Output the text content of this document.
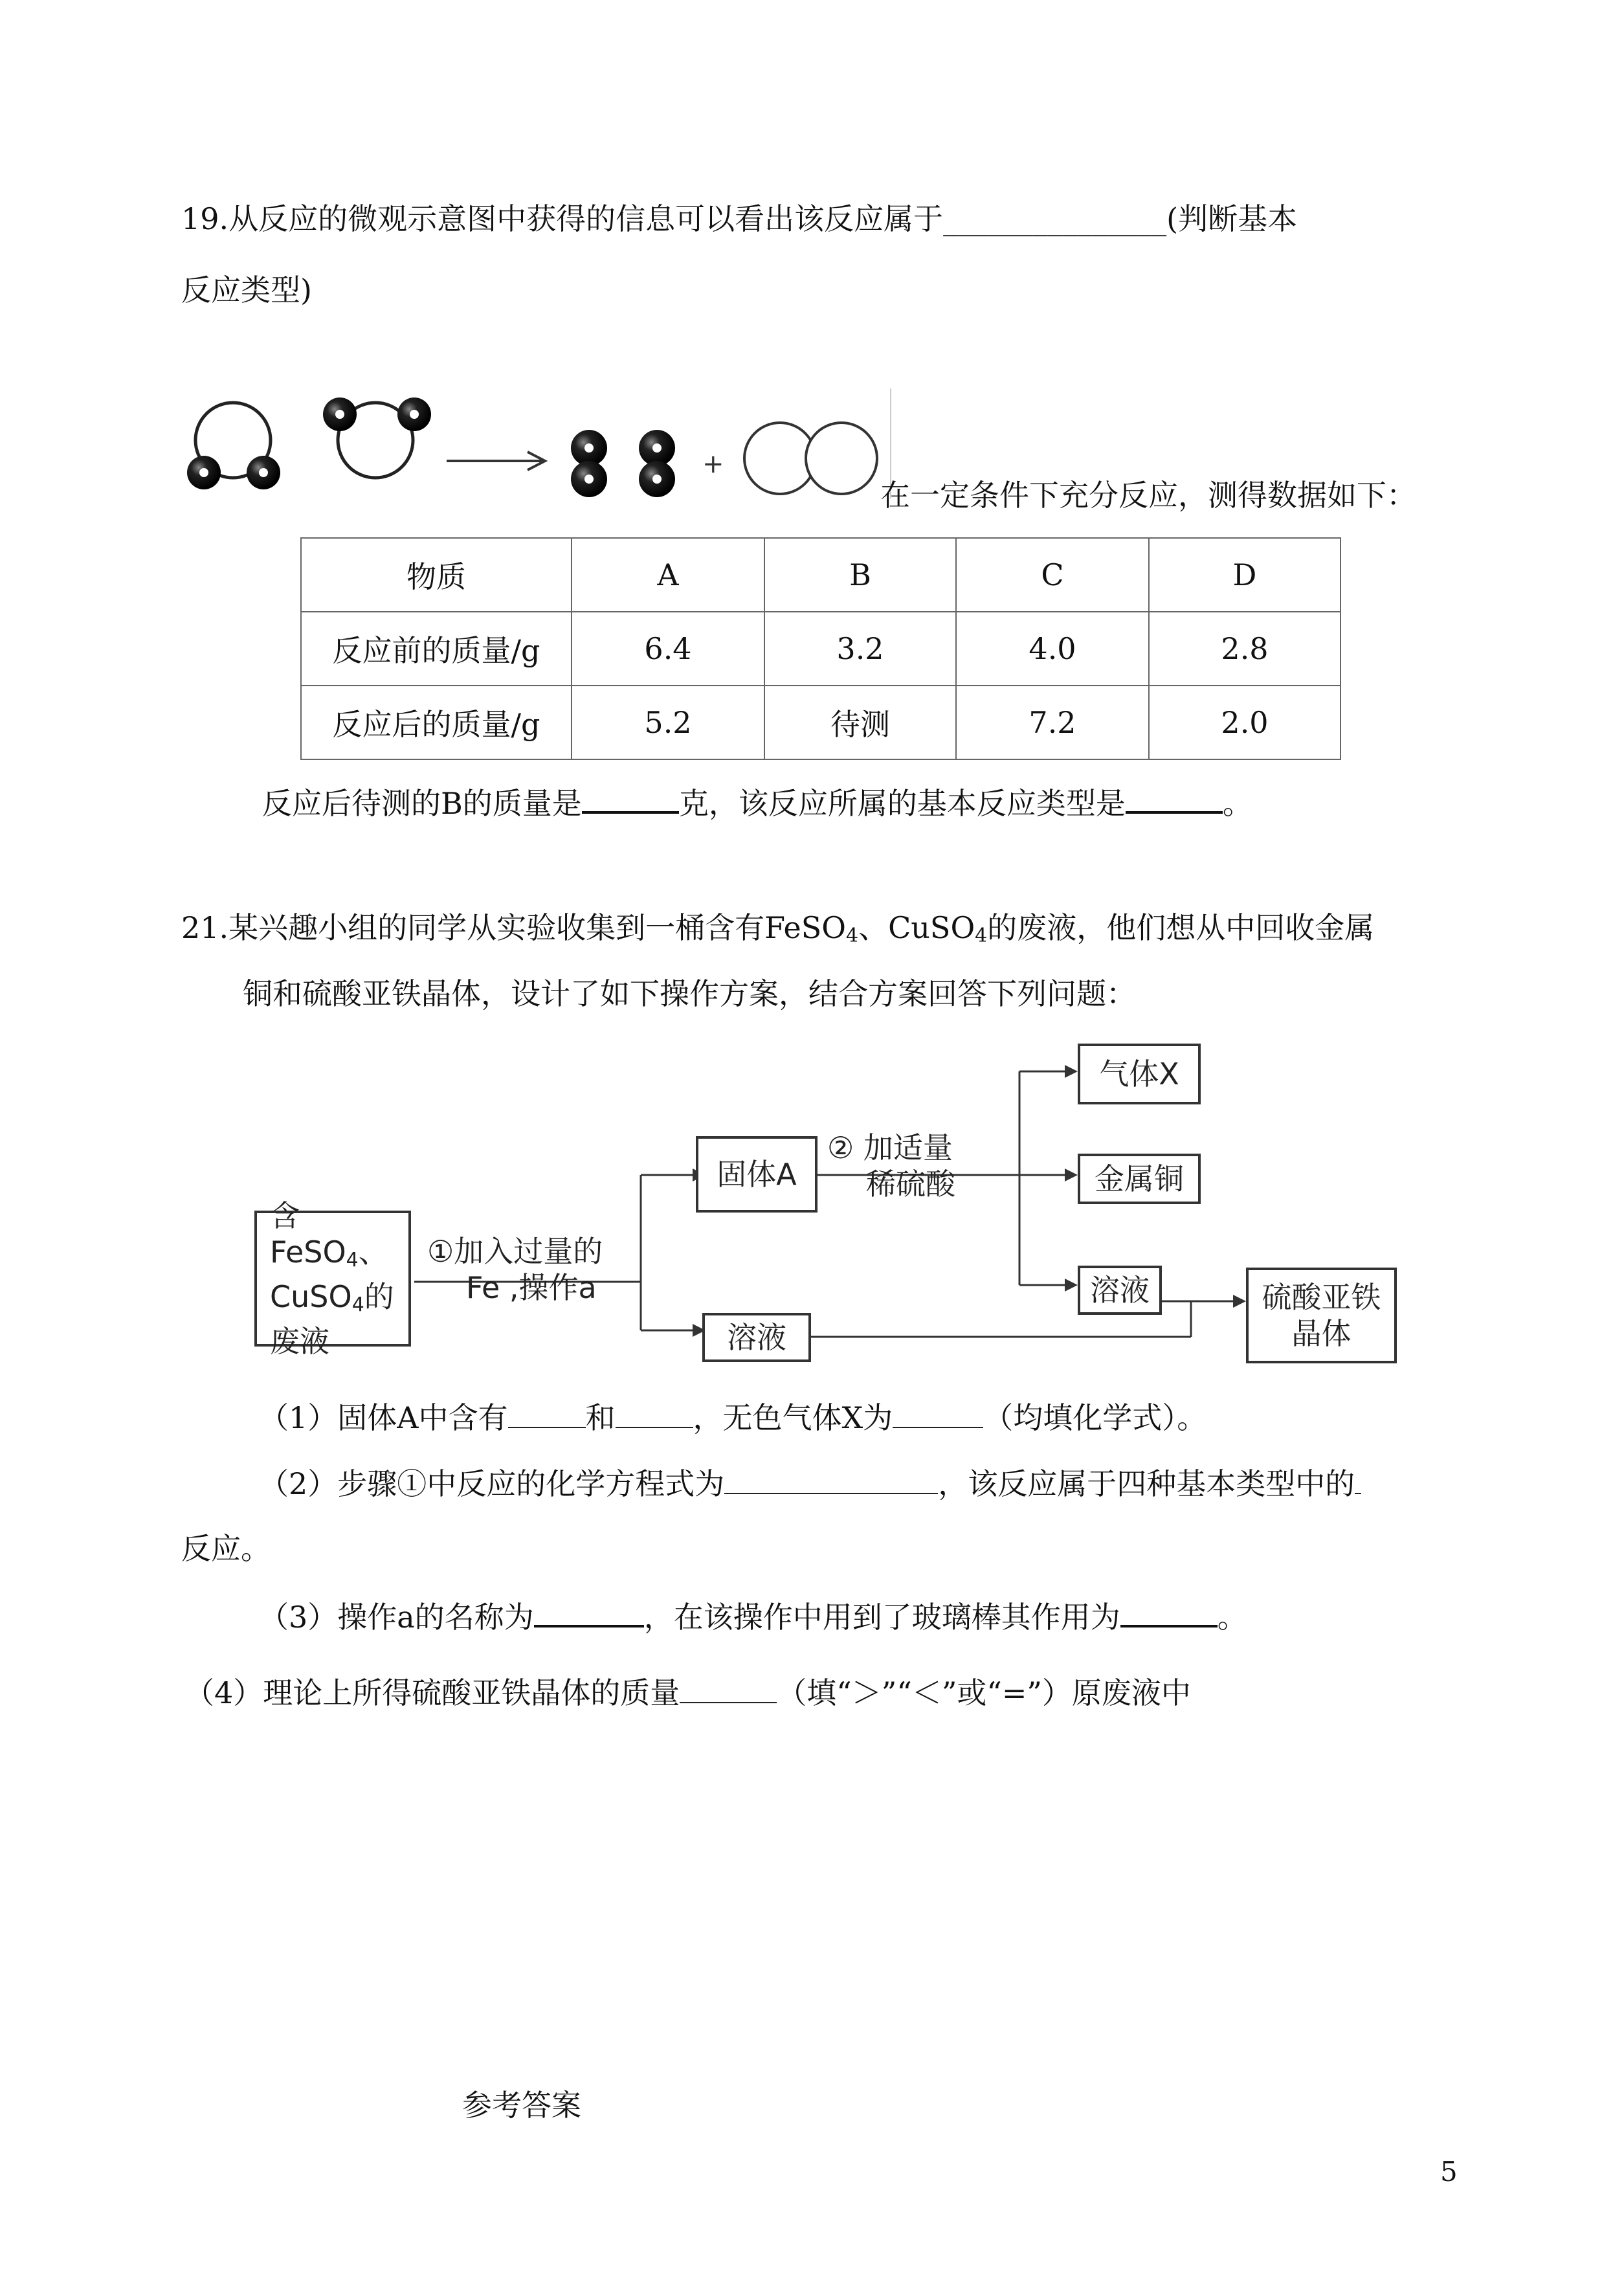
19.从反应的微观示意图中获得的信息可以看出该反应属于_______________(判断基本
反应类型)
+
在一定条件下充分反应，测得数据如下：
物质	A	B	C	D
反应前的质量/g	6.4	3.2	4.0	2.8
反应后的质量/g	5.2	待测	7.2	2.0
反应后待测的B的质量是	克，该反应所属的基本反应类型是	。
21.某兴趣小组的同学从实验收集到一桶含有FeSO$_4$、CuSO$_4$的废液，他们想从中回收金属
铜和硫酸亚铁晶体，设计了如下操作方案，结合方案回答下列问题：
含FeSO$_4$、
CuSO$_4$的
废液
①加入过量的
Fe ,操作a
固体A
溶液
② 加适量
稀硫酸
气体X
金属铜
溶液	硫酸亚铁
晶体
（1）固体A中含有	和	，无色气体X为	（均填化学式）。
（2）步骤①中反应的化学方程式为	，该反应属于四种基本类型中的
反应。
（3）操作a的名称为	，在该操作中用到了玻璃棒其作用为	。
（4）理论上所得硫酸亚铁晶体的质量	（填“＞”“＜”或“=”）原废液中
参考答案
5
